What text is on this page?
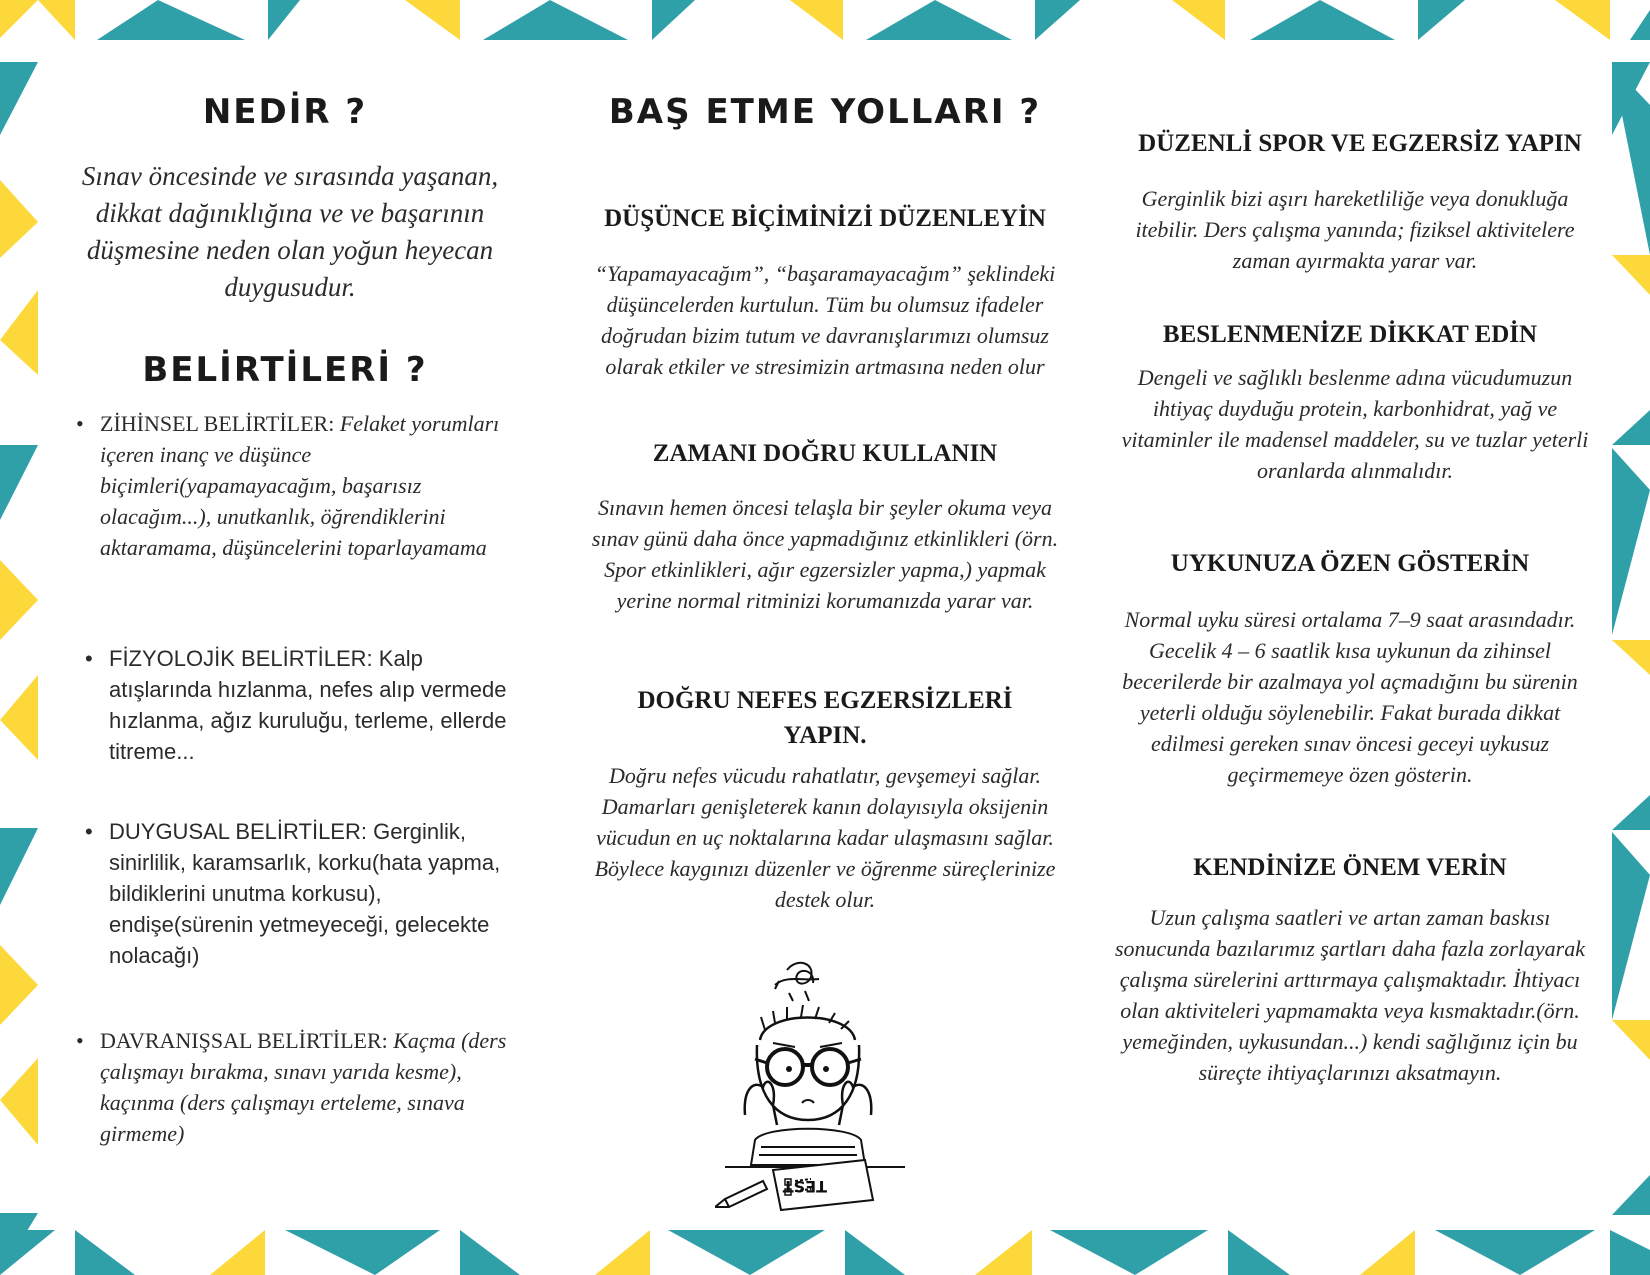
NEDİR ?

Sınav öncesinde ve sırasında yaşanan, dikkat dağınıklığına ve ve başarının düşmesine neden olan yoğun heyecan duygusudur.

BELİRTİLERİ ?
• ZİHİNSEL BELİRTİLER: Felaket yorumları içeren inanç ve düşünce biçimleri(yapamayacağım, başarısız olacağım...), unutkanlık, öğrendiklerini aktaramama, düşüncelerini toparlayamama
• FİZYOLOJİK BELİRTİLER: Kalp atışlarında hızlanma, nefes alıp vermede hızlanma, ağız kuruluğu, terleme, ellerde titreme...
• DUYGUSAL BELİRTİLER: Gerginlik, sinirlilik, karamsarlık, korku(hata yapma, bildiklerini unutma korkusu), endişe(sürenin yetmeyeceği, gelecekte nolacağı)
• DAVRANIŞSAL BELİRTİLER: Kaçma (ders çalışmayı bırakma, sınavı yarıda kesme), kaçınma (ders çalışmayı erteleme, sınava girmeme)
BAŞ ETME YOLLARI ?
DÜŞÜNCE BİÇİMİNİZİ DÜZENLEYİN

“Yapamayacağım”, “başaramayacağım” şeklindeki düşüncelerden kurtulun. Tüm bu olumsuz ifadeler doğrudan bizim tutum ve davranışlarımızı olumsuz olarak etkiler ve stresimizin artmasına neden olur

ZAMANI DOĞRU KULLANIN

Sınavın hemen öncesi telaşla bir şeyler okuma veya sınav günü daha önce yapmadığınız etkinlikleri (örn. Spor etkinlikleri, ağır egzersizler yapma,) yapmak yerine normal ritminizi korumanızda yarar var.

DOĞRU NEFES EGZERSİZLERİ YAPIN.

Doğru nefes vücudu rahatlatır, gevşemeyi sağlar. Damarları genişleterek kanın dolayısıyla oksijenin vücudun en uç noktalarına kadar ulaşmasını sağlar. Böylece kaygınızı düzenler ve öğrenme süreçlerinize destek olur.

TEST
DÜZENLİ SPOR VE EGZERSİZ YAPIN

Gerginlik bizi aşırı hareketliliğe veya donukluğa itebilir. Ders çalışma yanında; fiziksel aktivitelere zaman ayırmakta yarar var.

BESLENMENİZE DİKKAT EDİN

Dengeli ve sağlıklı beslenme adına vücudumuzun ihtiyaç duyduğu protein, karbonhidrat, yağ ve vitaminler ile madensel maddeler, su ve tuzlar yeterli oranlarda alınmalıdır.

UYKUNUZA ÖZEN GÖSTERİN

Normal uyku süresi ortalama 7–9 saat arasındadır. Gecelik 4 – 6 saatlik kısa uykunun da zihinsel becerilerde bir azalmaya yol açmadığını bu sürenin yeterli olduğu söylenebilir. Fakat burada dikkat edilmesi gereken sınav öncesi geceyi uykusuz geçirmemeye özen gösterin.

KENDİNİZE ÖNEM VERİN

Uzun çalışma saatleri ve artan zaman baskısı sonucunda bazılarımız şartları daha fazla zorlayarak çalışma sürelerini arttırmaya çalışmaktadır. İhtiyacı olan aktiviteleri yapmamakta veya kısmaktadır.(örn. yemeğinden, uykusundan...) kendi sağlığınız için bu süreçte ihtiyaçlarınızı aksatmayın.
